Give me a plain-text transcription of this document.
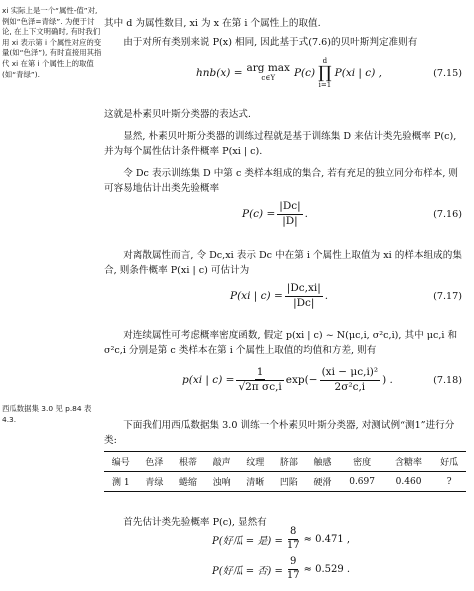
xi 实际上是一个“属性-值”对, 例如“色泽=青绿”. 为便于讨论, 在上下文明确时, 有时我们用 xi 表示第 i 个属性对应的变量(如“色泽”), 有时直接用其指代 xi 在第 i 个属性上的取值(如“青绿”).
西瓜数据集 3.0 见 p.84 表 4.3.

其中 d 为属性数目, xi 为 x 在第 i 个属性上的取值.

由于对所有类别来说 P(x) 相同, 因此基于式(7.6)的贝叶斯判定准则有

hnb(x) = arg max
c∈Y P(c)
d
∏
i=1
P(xi | c) ,	(7.15)

这就是朴素贝叶斯分类器的表达式.

显然, 朴素贝叶斯分类器的训练过程就是基于训练集 D 来估计类先验概率 P(c), 并为每个属性估计条件概率 P(xi | c).

令 Dc 表示训练集 D 中第 c 类样本组成的集合, 若有充足的独立同分布样本, 则可容易地估计出类先验概率

$P(c) = \frac{|Dc|}{|D|}$ .	(7.16)

对离散属性而言, 令 Dc,xi 表示 Dc 中在第 i 个属性上取值为 xi 的样本组成的集合, 则条件概率 P(xi | c) 可估计为

P(xi | $c) = \frac{|Dc,xi|}{|Dc|}$ .	(7.17)

对连续属性可考虑概率密度函数, 假定 p(xi | c) ~ N(μc,i, σ²c,i), 其中 μc,i 和 σ²c,i 分别是第 c 类样本在第 i 个属性上取值的均值和方差, 则有

p(xi | $c) = \frac{1}{\text{√2π σc,i}} \exp(- \frac{\text{(xi − μc,i)²}}{\text{2σ²c,i}}$ ) .	(7.18)

下面我们用西瓜数据集 3.0 训练一个朴素贝叶斯分类器, 对测试例“测1”进行分类:

编号	色泽	根蒂	敲声	纹理	脐部	触感	密度	含糖率	好瓜
测 1	青绿	蜷缩	浊响	清晰	凹陷	硬滑	0.697	0.460	?

首先估计类先验概率 P(c), 显然有

P(好瓜 = 是) = $\frac{8}{17} \approx 0.471$ ,
P(好瓜 = 否) = $\frac{9}{17} \approx 0.529$ .
